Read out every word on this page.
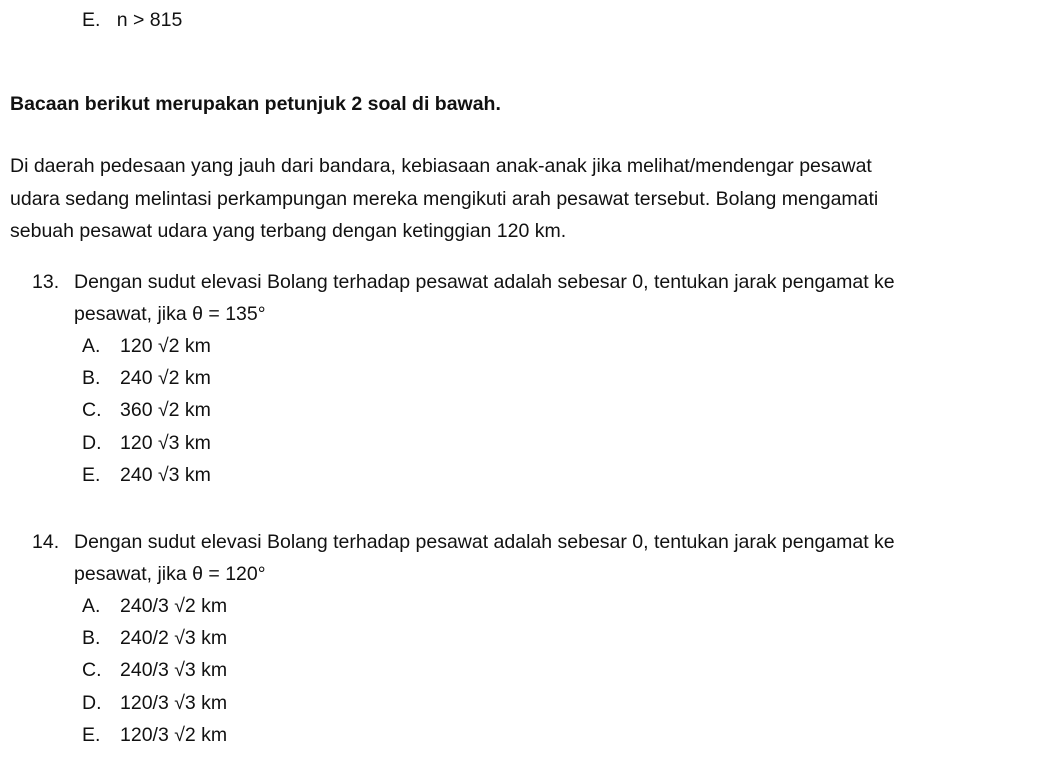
E. n > 815
Bacaan berikut merupakan petunjuk 2 soal di bawah.
Di daerah pedesaan yang jauh dari bandara, kebiasaan anak-anak jika melihat/mendengar pesawat
udara sedang melintasi perkampungan mereka mengikuti arah pesawat tersebut. Bolang mengamati
sebuah pesawat udara yang terbang dengan ketinggian 120 km.
13. Dengan sudut elevasi Bolang terhadap pesawat adalah sebesar 0, tentukan jarak pengamat ke
pesawat, jika θ = 135°
A.	120 √2 km
B.	240 √2 km
C. 360 √2 km
D. 120 √3 km
E.	240 √3 km
14. Dengan sudut elevasi Bolang terhadap pesawat adalah sebesar 0, tentukan jarak pengamat ke
pesawat, jika θ = 120°
A.	240/3 √2 km
B.	240/2 √3 km
C. 240/3 √3 km
D. 120/3 √3 km
E.	120/3 √2 km
